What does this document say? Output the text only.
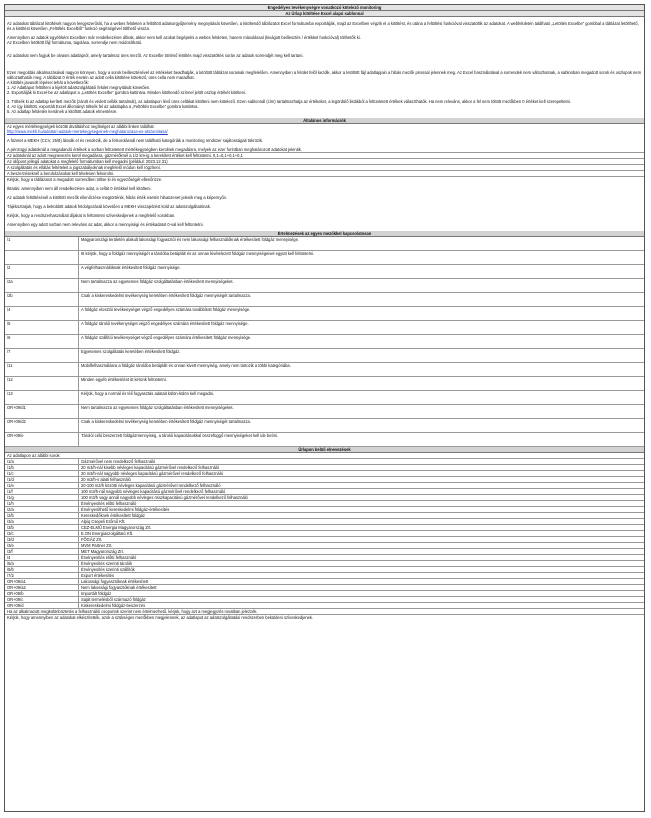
Engedélyes tevékenységre vonatkozó kötelező monitoring
Az Ürlap kitöltése Excel alapú sablonnal
Az adatokat táblázat kitöltését nagyon leegyszerűsíti, ha a webes felületen a feltöltött adatsorgyűjtemény megnyitását követően, a kitöltendő táblázatot Excel formátumba exportálják, majd az Excelben végzik el a kitöltést, és utána a feltöltési funkcióval visszatöltik az adatokat. A webfelületen található „Letöltés Excelbe” gombbal a táblázat letölthető, és a kitöltést követően „Feltöltés Excelből” funkció segítségével tölthető vissza.
Amennyiben az adatok egyébként Excelben már rendelkezésre állnak, akkor nem kell azokat begépelni a webes felületen, hanem másolással (kivágott beillesztés / értékkel funkcióval) tölthetők ki.
Az Excelben letöltött fájl formátuma, tagolása, sorrendje nem módosítható.
Az adatokat nem fogjuk be olvasni adatlapról, amely tartalmaz üres mezőt. Az Excelbe történő letöltés majd visszatöltés során az adatok sorrendjét meg kell tartani.
Ezen megoldás alkalmazásával nagyon könnyen, hogy a sorok beillesztésével az értékeket beadhatják, a kitöltött táblázat sorainak megfelelően. Amennyiben a felület felől kezdik, akkor a letöltött fájl adatlapjain a hibás mezők pirossal jelennek meg. Az Excel használatával a sorrendek nem változhatnak, a sablonban megadott sorok és oszlopok nem változtathatók meg. A táblázat 0 érték esetén az adott cella kitöltése kötelező, üres cella nem maradhat.
A kitöltés javasolt lépései tehát a következők:
1. Az Adatlapot feltölteni a kijelölt adatszolgáltatói felület megnyitását követően.
2. Exportálják ki Excel-be az adatlapot a „Letöltés Excelbe” gombra kattintva. Minden kitöltendő színnel jelölt oszlop értékét kitölteni.
3. Töltsék ki az adatlap kerített mezőit (zárolt és védett cellák tartalmát), az adatlapon lévő üres cellákat kitölteni nem kötelező. Ezen sablonnál (cím) tartalmazhatja az értékeket, a legördülő listákból a feltüntetett értékek választhatók. Ha nem releváns, akkor a fel nem töltött mezőkben 0 értéket kell szerepeltetni.
4. Az így kitöltött, exportált Excel állományt töltsék fel az adatlapba a „Feltöltés Excelbe” gombra kattintva.
5. Az adatlap felületén kerülnek a kitöltött adatok elmentésre.
Általános információk
Az egyes mértékegységek közötti átváltáshoz segítséget az alábbi linken találhat:
http://www.mekh.hu/adattari-adatok-mertekegysegeinek-meghatarozasa-es-atszamitasa/
A füzetet a MEKH (CCV, 25/8) lássák el és rendezik, de a felsorolásnál nem található kategóriák a monitoring rendszer sajátosságait tükrözik.
A pénzügyi adatoknál a megadandó értékek a sorban feltüntetett mértékegységben kerülnek megadásra, melyek az ezer forintban meghatározott adatokat jelentik.
Az adatoknál az adott megnevezés kerül megadásra, gázmérőknél a 1/2 km-ig a kerekített értéket kell feltüntetni. 0,1=0,1+0,1+0,1
Az időpont jellegű adatokat a megfelelő formátumban kell megadni (például: 2023.12.31)
A szolgáltatás és ellátás feltételeit a jogszabályoknak megfelelő módon kell rögzíteni.
A beszerzéseknél a beruházásokat kell tételesen felsorolni.
Kérjük, hogy a táblázatot a megadott sorrendben töltse ki és egyezőségét ellenőrizze.
Iktatás: amennyiben nem áll rendelkezésre adat, a cellát 0 értékkel kell kitölteni.
Az adatok feltöltésénél a kitöltött mezők ellenőrzése megtörténik, hibás érték esetén hibaüzenet jelenik meg a képernyőn.
Tájékoztatjuk, hogy a beküldött adatok feldolgozását követően a MEKH visszajelzést küld az adatszolgáltatónak.
Kérjük, hogy a rendszerhasználati díjakat is feltüntetni szíveskedjenek a megfelelő sorokban.
Amennyiben egy adott sorban nem releváns az adat, akkor a mennyiségi és értékadatot 0-val kell feltüntetni.
Értelmezések az egyes mezőkkel kapcsolatosan
/1	Magyarországi területén alakult lakossági fogyasztói és nem lakossági felhasználóknak értékesített földgáz mennyisége.
Itt kérjük, hogy a földgáz mennyiségét a tárolóba betáplált és az onnan kivételezett földgáz mennyiségeivel együtt kell feltüntetni.
/2	A végfelhasználóknak értékesített földgáz mennyisége.
/2a	Nem tartalmazza az egyetemes földgáz szolgáltatásban értékesített mennyiségeket.
/2b	Csak a kiskereskedelmi tevékenység keretében értékesített földgáz mennyiségét tartalmazza.
/4	A földgáz elosztói tevékenységet végző engedélyes számára továbbított földgáz mennyisége.
/5	A földgáz tárolói tevékenységet végző engedélyes számára értékesített földgáz mennyisége.
/6	A földgáz szállítói tevékenységet végző engedélyes számára értékesített földgáz mennyisége.
/7	Egyetemes szolgáltatás keretében értékesített földgáz.
/11	Mobilfelhasználásra a földgáz tárolóba betáplált és onnan kivett mennyiség, amely nem tartozik a többi kategóriába.
/12	Minden egyéb értékesítést itt kérünk feltüntetni.
/13	Kérjük, hogy a normál és téli fogyasztás adatait külön-külön kell megadni.
OR+09/d1	Nem tartalmazza az egyetemes földgáz szolgáltatásban értékesített mennyiségeket.
OR+09/d2	Csak a kiskereskedelmi tevékenység keretében értékesített földgáz mennyiségét tartalmazza.
OR+09/e	Tárolói célú beszerzett földgázmennyiség, a tárolói kapacitásokkal összefüggő mennyiségeket kell ide beírni.
Űrlapon belüli elnevezések
Az adatlapon az alábbi sorok
/1/a	Gázmérővel nem rendelkező felhasználó
/1/b	20 m3/h-nál kisebb névleges kapacitású gázmérővel rendelkező felhasználó
/1/c	20 m3/h-nál nagyobb névleges kapacitású gázmérővel rendelkező felhasználó
/1/d	20 m3/h-s alatti felhasználó
/1/e	20-100 m3/h közötti névleges kapacitású gázmérővel rendelkező felhasználó
/1/f	100 m3/h-nál nagyobb névleges kapacitású gázmérővel rendelkező felhasználó
/1/g	100 m3/h vagy annál nagyobb névleges összkapacitású gázmérővel rendelkező felhasználó
/1/h	Érvényesítés előtti felhasználó
/2/a	Érvényesíthető kereskedelmi földgáz-értékesítés
/2/b	Kereskedőknek értékesített földgáz
/3/a	Alpiq Csepeli Erőmű Kft.
/3/b	CEZ-ELMŰ Energia Magyarország Zrt.
/3/c	E.ON Energiaszolgáltató Kft.
/3/d	FŐGÁZ Zrt.
/3/e	MVM Partner Zrt.
/3/f	MET Magyarország Zrt.
/4	Érvényesítés előtti felhasználó
/5/a	Érvényesítés szerinti tárolók
/5/b	Érvényesítés szerinti szállítók
/7/2	Export értékesítés
OR+09/a1	Lakossági fogyasztóknak értékesített
OR+09/a2	Nem lakossági fogyasztóknak értékesített
OR+09/b	Importált földgáz
OR+09/c	Saját termelésből származó földgáz
OR+09/d	Kiskereskedelmi földgáz-beszerzés
Ha az alkalmazott megkülönböztetés a felhasználói csoportok szerint nem értelmezhető, kérjük, hogy azt a megjegyzés rovatban jelezzék.
Kérjük, hogy amennyiben az adatokat elkészítették, azok a szükséges mezőkben megjelennek, az adatlapot az adatszolgáltatási rendszerben beküldeni szíveskedjenek.
